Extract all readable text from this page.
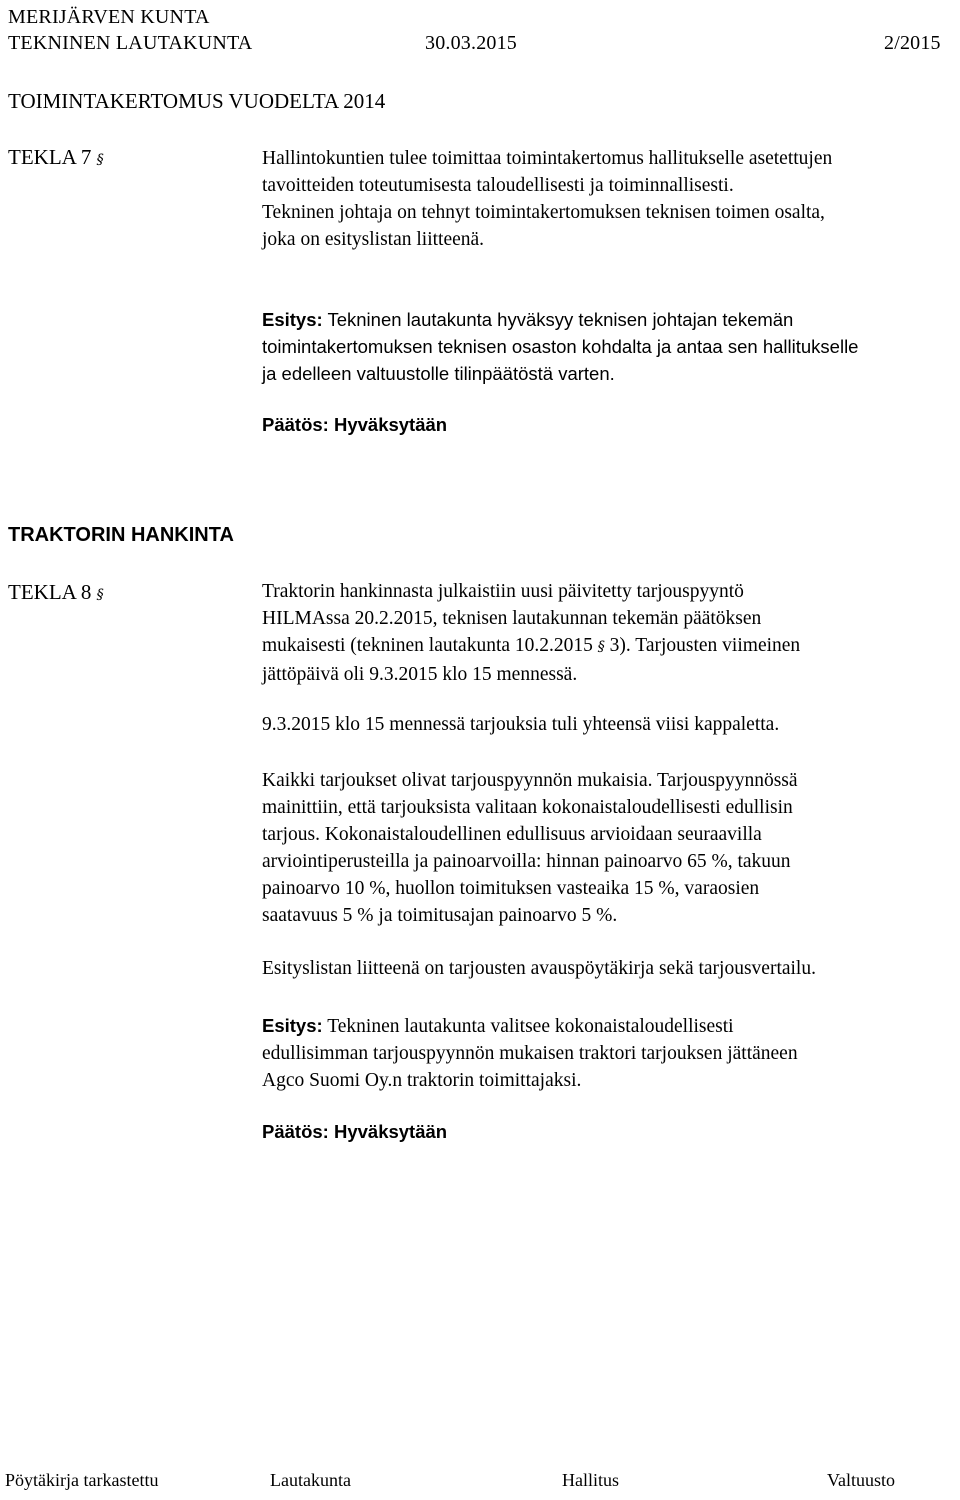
MERIJÄRVEN KUNTA
TEKNINEN LAUTAKUNTA	30.03.2015	2/2015
TOIMINTAKERTOMUS VUODELTA 2014
TEKLA 7 §	Hallintokuntien tulee toimittaa toimintakertomus hallitukselle asetettujen
tavoitteiden toteutumisesta taloudellisesti ja toiminnallisesti.
Tekninen johtaja on tehnyt toimintakertomuksen teknisen toimen osalta,
joka on esityslistan liitteenä.
Esitys: Tekninen lautakunta hyväksyy teknisen johtajan tekemän
toimintakertomuksen teknisen osaston kohdalta ja antaa sen hallitukselle
ja edelleen valtuustolle tilinpäätöstä varten.
Päätös: Hyväksytään
TRAKTORIN HANKINTA
TEKLA 8 §	Traktorin hankinnasta julkaistiin uusi päivitetty tarjouspyyntö
HILMAssa 20.2.2015, teknisen lautakunnan tekemän päätöksen
mukaisesti (tekninen lautakunta 10.2.2015 § 3). Tarjousten viimeinen
jättöpäivä oli 9.3.2015 klo 15 mennessä.
9.3.2015 klo 15 mennessä tarjouksia tuli yhteensä viisi kappaletta.
Kaikki tarjoukset olivat tarjouspyynnön mukaisia. Tarjouspyynnössä
mainittiin, että tarjouksista valitaan kokonaistaloudellisesti edullisin
tarjous. Kokonaistaloudellinen edullisuus arvioidaan seuraavilla
arviointiperusteilla ja painoarvoilla: hinnan painoarvo 65 %, takuun
painoarvo 10 %, huollon toimituksen vasteaika 15 %, varaosien
saatavuus 5 % ja toimitusajan painoarvo 5 %.
Esityslistan liitteenä on tarjousten avauspöytäkirja sekä tarjousvertailu.
Esitys: Tekninen lautakunta valitsee kokonaistaloudellisesti
edullisimman tarjouspyynnön mukaisen traktori tarjouksen jättäneen
Agco Suomi Oy.n traktorin toimittajaksi.
Päätös: Hyväksytään
Pöytäkirja tarkastettu	Lautakunta	Hallitus	Valtuusto
